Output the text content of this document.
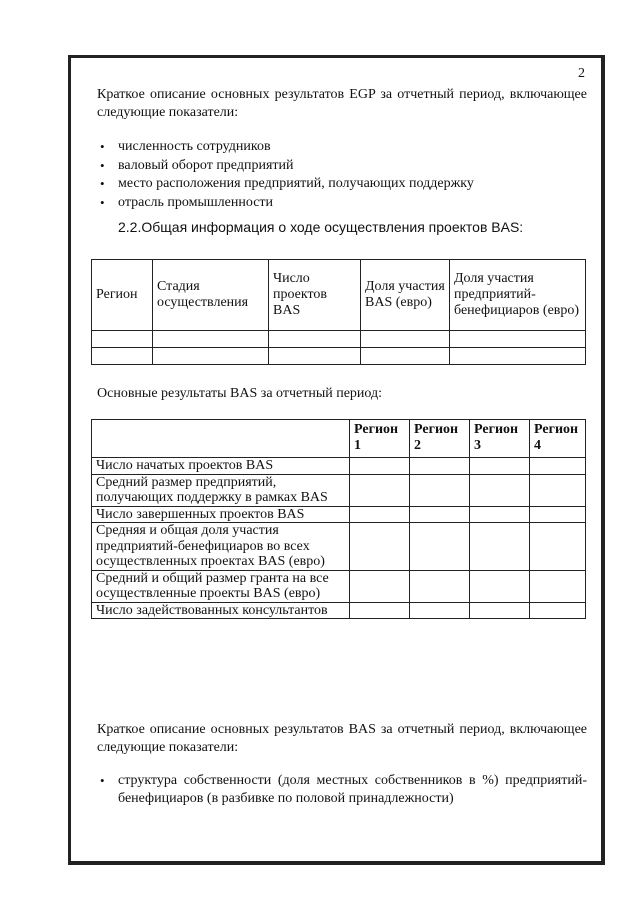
2
Краткое описание основных результатов EGP за отчетный период, включающее следующие показатели:
• численность сотрудников
• валовый оборот предприятий
• место расположения предприятий, получающих поддержку
• отрасль промышленности
2.2.Общая информация о ходе осуществления проектов BAS:
Регион	Стадия осуществления	Число проектов BAS	Доля участия BAS (евро)	Доля участия предприятий-бенефициаров (евро)

Основные результаты BAS за отчетный период:
	Регион 1	Регион 2	Регион 3	Регион 4
Число начатых проектов BAS				
Средний размер предприятий, получающих поддержку в рамках BAS				
Число завершенных проектов BAS				
Средняя и общая доля участия предприятий-бенефициаров во всех осуществленных проектах BAS (евро)				
Средний и общий размер гранта на все осуществленные проекты BAS (евро)				
Число задействованных консультантов				
Краткое описание основных результатов BAS за отчетный период, включающее следующие показатели:
• структура собственности (доля местных собственников в %) предприятий-бенефициаров (в разбивке по половой принадлежности)
